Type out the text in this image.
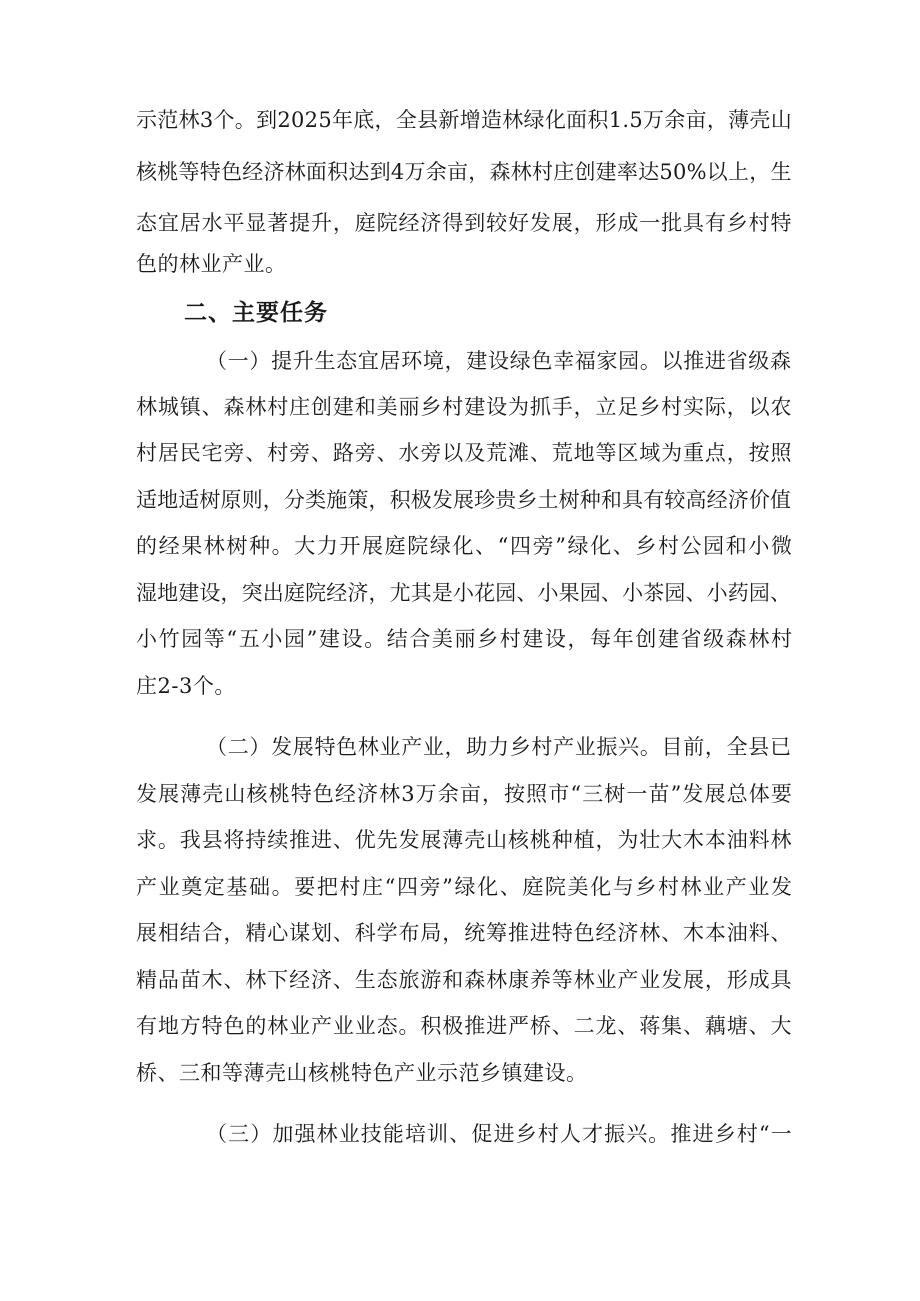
示范林3个。到2025年底，全县新增造林绿化面积1.5万余亩，薄壳山
核桃等特色经济林面积达到4万余亩，森林村庄创建率达50%以上，生
态宜居水平显著提升，庭院经济得到较好发展，形成一批具有乡村特
色的林业产业。
二、主要任务
（一）提升生态宜居环境，建设绿色幸福家园。以推进省级森
林城镇、森林村庄创建和美丽乡村建设为抓手，立足乡村实际，以农
村居民宅旁、村旁、路旁、水旁以及荒滩、荒地等区域为重点，按照
适地适树原则，分类施策，积极发展珍贵乡土树种和具有较高经济价值
的经果林树种。大力开展庭院绿化、“四旁”绿化、乡村公园和小微
湿地建设，突出庭院经济，尤其是小花园、小果园、小茶园、小药园、
小竹园等“五小园”建设。结合美丽乡村建设，每年创建省级森林村
庄2-3个。
（二）发展特色林业产业，助力乡村产业振兴。目前，全县已
发展薄壳山核桃特色经济林3万余亩，按照市“三树一苗”发展总体要
求。我县将持续推进、优先发展薄壳山核桃种植，为壮大木本油料林
产业奠定基础。要把村庄“四旁”绿化、庭院美化与乡村林业产业发
展相结合，精心谋划、科学布局，统筹推进特色经济林、木本油料、
精品苗木、林下经济、生态旅游和森林康养等林业产业发展，形成具
有地方特色的林业产业业态。积极推进严桥、二龙、蒋集、藕塘、大
桥、三和等薄壳山核桃特色产业示范乡镇建设。
（三）加强林业技能培训、促进乡村人才振兴。推进乡村“一
